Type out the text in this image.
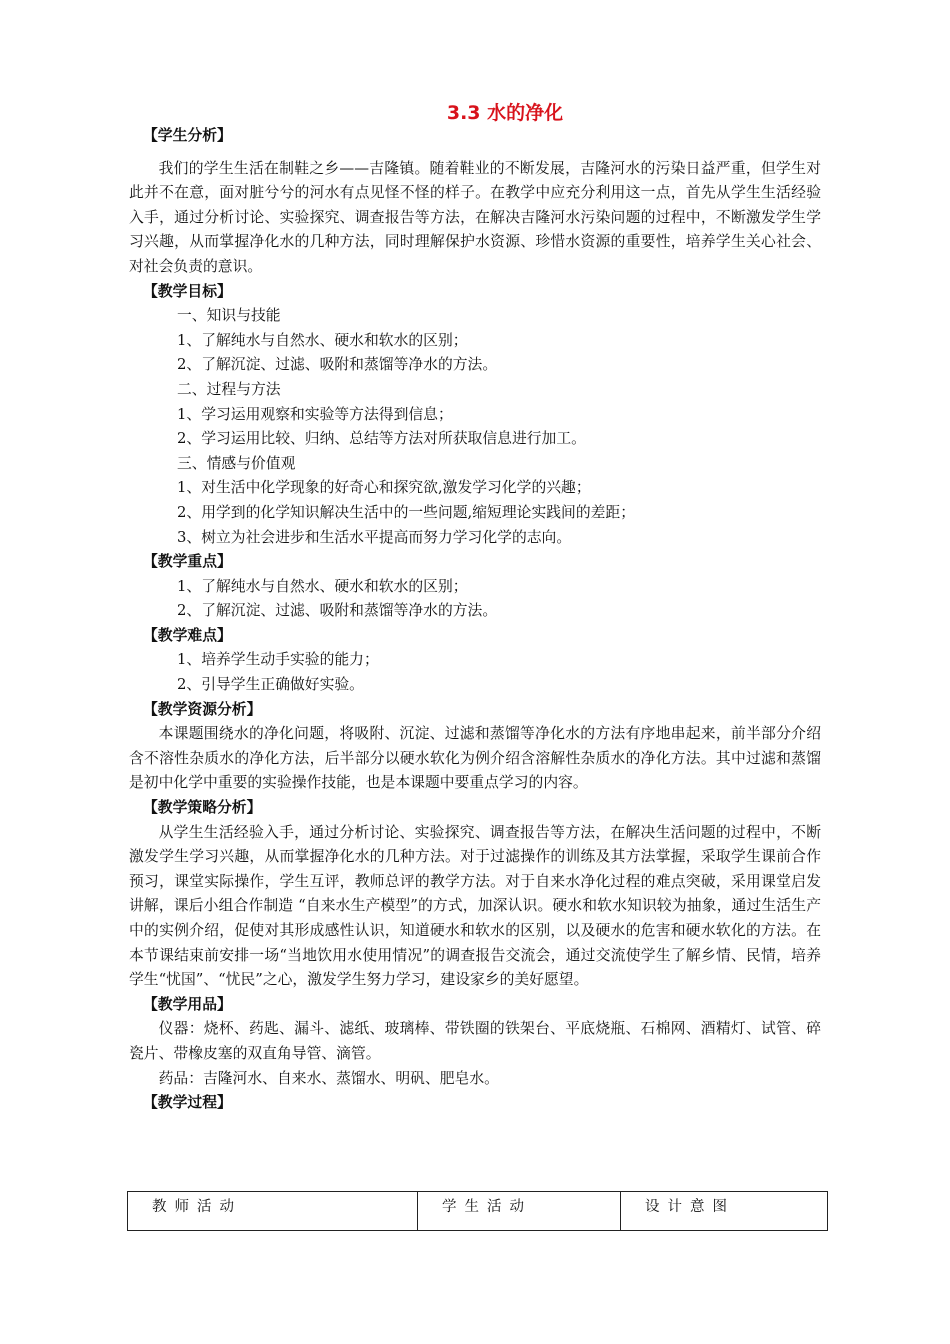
3.3 水的净化

【学生分析】

我们的学生生活在制鞋之乡——吉隆镇。随着鞋业的不断发展，吉隆河水的污染日益严重，但学生对此并不在意，面对脏兮兮的河水有点见怪不怪的样子。在教学中应充分利用这一点，首先从学生生活经验入手，通过分析讨论、实验探究、调查报告等方法，在解决吉隆河水污染问题的过程中，不断激发学生学习兴趣，从而掌握净化水的几种方法，同时理解保护水资源、珍惜水资源的重要性，培养学生关心社会、对社会负责的意识。

【教学目标】

一、知识与技能

1、了解纯水与自然水、硬水和软水的区别；

2、了解沉淀、过滤、吸附和蒸馏等净水的方法。

二、过程与方法

1、学习运用观察和实验等方法得到信息；

2、学习运用比较、归纳、总结等方法对所获取信息进行加工。

三、情感与价值观

1、对生活中化学现象的好奇心和探究欲,激发学习化学的兴趣；

2、用学到的化学知识解决生活中的一些问题,缩短理论实践间的差距；

3、树立为社会进步和生活水平提高而努力学习化学的志向。

【教学重点】

1、了解纯水与自然水、硬水和软水的区别；

2、了解沉淀、过滤、吸附和蒸馏等净水的方法。

【教学难点】

1、培养学生动手实验的能力；

2、引导学生正确做好实验。

【教学资源分析】

本课题围绕水的净化问题，将吸附、沉淀、过滤和蒸馏等净化水的方法有序地串起来，前半部分介绍含不溶性杂质水的净化方法，后半部分以硬水软化为例介绍含溶解性杂质水的净化方法。其中过滤和蒸馏是初中化学中重要的实验操作技能，也是本课题中要重点学习的内容。

【教学策略分析】

从学生生活经验入手，通过分析讨论、实验探究、调查报告等方法，在解决生活问题的过程中，不断激发学生学习兴趣，从而掌握净化水的几种方法。对于过滤操作的训练及其方法掌握，采取学生课前合作预习，课堂实际操作，学生互评，教师总评的教学方法。对于自来水净化过程的难点突破，采用课堂启发讲解，课后小组合作制造 “自来水生产模型”的方式，加深认识。硬水和软水知识较为抽象，通过生活生产中的实例介绍，促使对其形成感性认识，知道硬水和软水的区别，以及硬水的危害和硬水软化的方法。在本节课结束前安排一场“当地饮用水使用情况”的调查报告交流会，通过交流使学生了解乡情、民情，培养学生“忧国”、“忧民”之心，激发学生努力学习，建设家乡的美好愿望。

【教学用品】

仪器：烧杯、药匙、漏斗、滤纸、玻璃棒、带铁圈的铁架台、平底烧瓶、石棉网、酒精灯、试管、碎瓷片、带橡皮塞的双直角导管、滴管。

药品：吉隆河水、自来水、蒸馏水、明矾、肥皂水。

【教学过程】

教师活动	学生活动	设计意图
